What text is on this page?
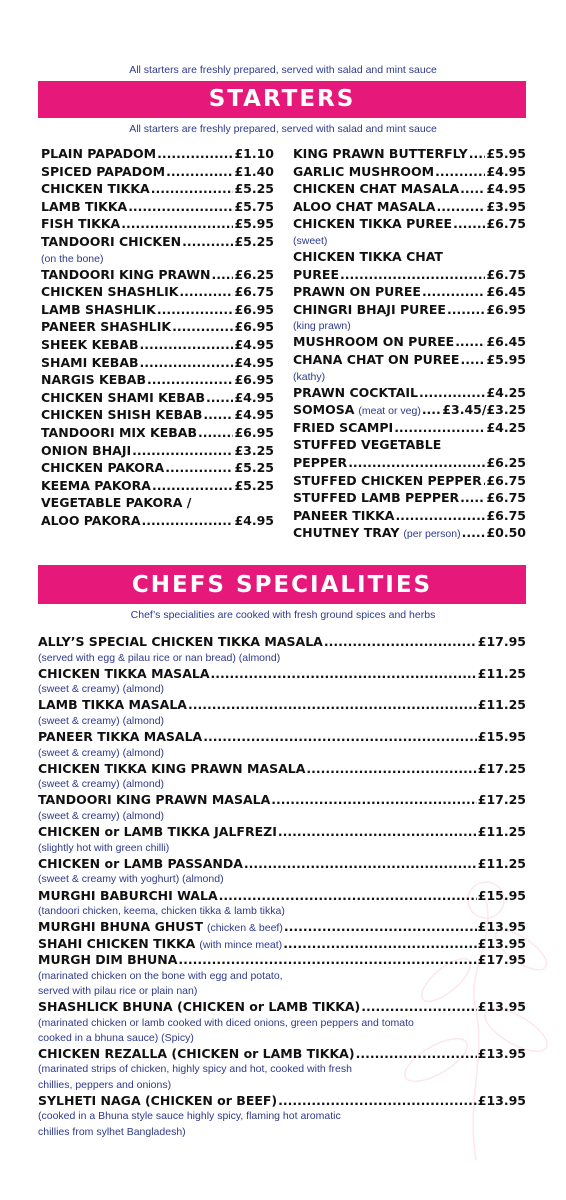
All starters are freshly prepared, served with salad and mint sauce
STARTERS
All starters are freshly prepared, served with salad and mint sauce
PLAIN PAPADOM .....	£1.10
SPICED PAPADOM .....	£1.40
CHICKEN TIKKA .....	£5.25
LAMB TIKKA .....	£5.75
FISH TIKKA .....	£5.95
TANDOORI CHICKEN .....	£5.25
(on the bone)
TANDOORI KING PRAWN ..... £6.25
CHICKEN SHASHLIK .....	£6.75
LAMB SHASHLIK .....	£6.95
PANEER SHASHLIK .....	£6.95
SHEEK KEBAB .....	£4.95
SHAMI KEBAB .....	£4.95
NARGIS KEBAB .....	£6.95
CHICKEN SHAMI KEBAB ..... £4.95
CHICKEN SHISH KEBAB .....	£4.95
TANDOORI MIX KEBAB .....	£6.95
ONION BHAJI .....	£3.25
CHICKEN PAKORA .....	£5.25
KEEMA PAKORA .....	£5.25
VEGETABLE PAKORA /
ALOO PAKORA .....	£4.95
KING PRAWN BUTTERFLY ..... £5.95
GARLIC MUSHROOM .....	£4.95
CHICKEN CHAT MASALA ..... £4.95
ALOO CHAT MASALA .....	£3.95
CHICKEN TIKKA PUREE .....	£6.75
(sweet)
CHICKEN TIKKA CHAT
PUREE .....	£6.75
PRAWN ON PUREE .....	£6.45
CHINGRI BHAJI PUREE .....	£6.95
(king prawn)
MUSHROOM ON PUREE .....	£6.45
CHANA CHAT ON PUREE ..... £5.95
(kathy)
PRAWN COCKTAIL .....	£4.25
SOMOSA (meat or veg) ..... £3.45/£3.25
FRIED SCAMPI .....	£4.25
STUFFED VEGETABLE
PEPPER .....	£6.25
STUFFED CHICKEN PEPPER ..... £6.75
STUFFED LAMB PEPPER ..... £6.75
PANEER TIKKA .....	£6.75
CHUTNEY TRAY (per person) ..... £0.50
CHEFS SPECIALITIES
Chef’s specialities are cooked with fresh ground spices and herbs
ALLY’S SPECIAL CHICKEN TIKKA MASALA .....	£17.95
(served with egg & pilau rice or nan bread) (almond)
CHICKEN TIKKA MASALA .....	£11.25
(sweet & creamy) (almond)
LAMB TIKKA MASALA .....	£11.25
(sweet & creamy) (almond)
PANEER TIKKA MASALA .....	£15.95
(sweet & creamy) (almond)
CHICKEN TIKKA KING PRAWN MASALA .....	£17.25
(sweet & creamy) (almond)
TANDOORI KING PRAWN MASALA .....	£17.25
(sweet & creamy) (almond)
CHICKEN or LAMB TIKKA JALFREZI .....	£11.25
(slightly hot with green chilli)
CHICKEN or LAMB PASSANDA .....	£11.25
(sweet & creamy with yoghurt) (almond)
MURGHI BABURCHI WALA .....	£15.95
(tandoori chicken, keema, chicken tikka & lamb tikka)
MURGHI BHUNA GHUST (chicken & beef) .....	£13.95
SHAHI CHICKEN TIKKA (with mince meat) .....	£13.95
MURGH DIM BHUNA .....	£17.95
(marinated chicken on the bone with egg and potato,
served with pilau rice or plain nan)
SHASHLICK BHUNA (CHICKEN or LAMB TIKKA) .....	£13.95
(marinated chicken or lamb cooked with diced onions, green peppers and tomato
cooked in a bhuna sauce) (Spicy)
CHICKEN REZALLA (CHICKEN or LAMB TIKKA) .....	£13.95
(marinated strips of chicken, highly spicy and hot, cooked with fresh
chillies, peppers and onions)
SYLHETI NAGA (CHICKEN or BEEF) .....	£13.95
(cooked in a Bhuna style sauce highly spicy, flaming hot aromatic
chillies from sylhet Bangladesh)
